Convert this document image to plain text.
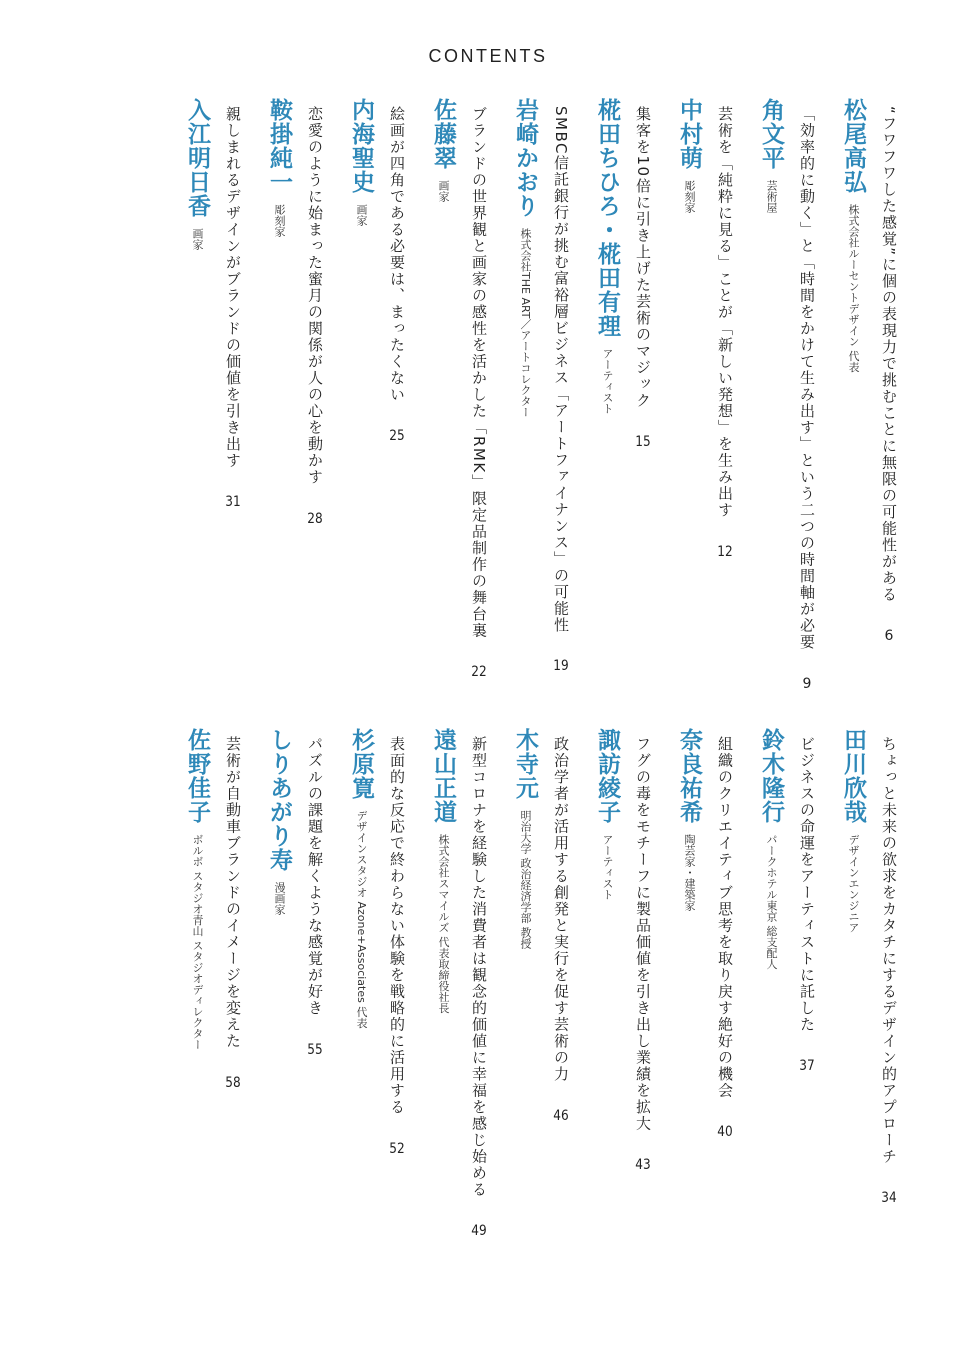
CONTENTS
松尾高弘株式会社ルーセントデザイン 代表	“フワフワした感覚”に個の表現力で挑むことに無限の可能性がある6
角文平芸術屋	「効率的に動く」と「時間をかけて生み出す」という二つの時間軸が必要9
中村萌彫刻家	芸術を「純粋に見る」ことが「新しい発想」を生み出す12
椛田ちひろ・椛田有理アーティスト	集客を10倍に引き上げた芸術のマジック15
岩崎かおり株式会社THE ART／アートコレクター	SMBC信託銀行が挑む富裕層ビジネス「アートファイナンス」の可能性19
佐藤翠画家	ブランドの世界観と画家の感性を活かした「RMK」限定品制作の舞台裏22
内海聖史画家	絵画が四角である必要は、まったくない25
鞍掛純一彫刻家	恋愛のように始まった蜜月の関係が人の心を動かす28
入江明日香画家	親しまれるデザインがブランドの価値を引き出す31
田川欣哉デザインエンジニア	ちょっと未来の欲求をカタチにするデザイン的アプローチ34
鈴木隆行パークホテル東京 総支配人	ビジネスの命運をアーティストに託した37
奈良祐希陶芸家・建築家	組織のクリエイティブ思考を取り戻す絶好の機会40
諏訪綾子アーティスト	フグの毒をモチーフに製品価値を引き出し業績を拡大43
木寺元明治大学 政治経済学部 教授	政治学者が活用する創発と実行を促す芸術の力46
遠山正道株式会社スマイルズ 代表取締役社長	新型コロナを経験した消費者は観念的価値に幸福を感じ始める49
杉原寛デザインスタジオ Azone+Associates 代表	表面的な反応で終わらない体験を戦略的に活用する52
しりあがり寿漫画家	パズルの課題を解くような感覚が好き55
佐野佳子ボルボ スタジオ青山 スタジオディレクター	芸術が自動車ブランドのイメージを変えた58
